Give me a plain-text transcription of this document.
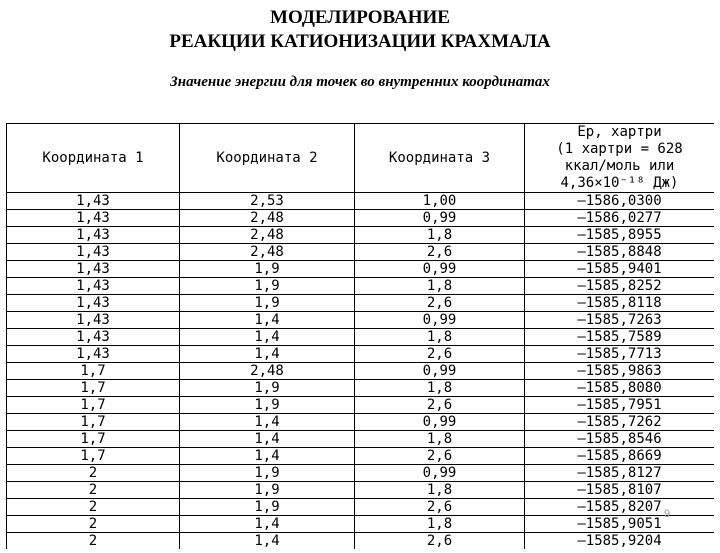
МОДЕЛИРОВАНИЕ
РЕАКЦИИ КАТИОНИЗАЦИИ КРАХМАЛА
Значение энергии для точек во внутренних координатах
Координата 1	Координата 2	Координата 3	Eр, хартри
(1 хартри = 628
ккал/моль или
4,36×10⁻¹⁸ Дж)

1,43	2,53	1,00	–1586,0300
1,43	2,48	0,99	–1586,0277
1,43	2,48	1,8	–1585,8955
1,43	2,48	2,6	–1585,8848
1,43	1,9	0,99	–1585,9401
1,43	1,9	1,8	–1585,8252
1,43	1,9	2,6	–1585,8118
1,43	1,4	0,99	–1585,7263
1,43	1,4	1,8	–1585,7589
1,43	1,4	2,6	–1585,7713
1,7	2,48	0,99	–1585,9863
1,7	1,9	1,8	–1585,8080
1,7	1,9	2,6	–1585,7951
1,7	1,4	0,99	–1585,7262
1,7	1,4	1,8	–1585,8546
1,7	1,4	2,6	–1585,8669
2	1,9	0,99	–1585,8127
2	1,9	1,8	–1585,8107
2	1,9	2,6	–1585,8207
2	1,4	1,8	–1585,9051
2	1,4	2,6	–1585,9204
9
